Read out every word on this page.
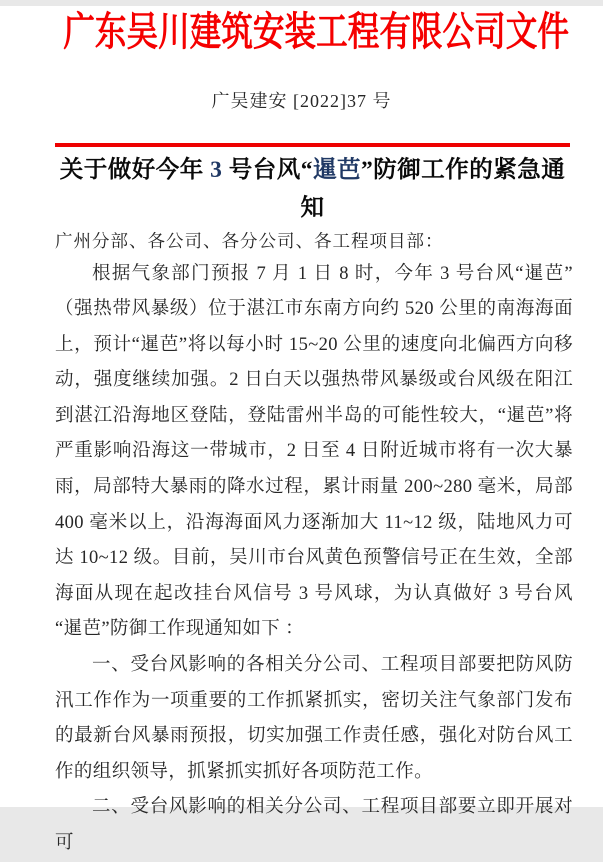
广东吴川建筑安装工程有限公司文件
广吴建安 [2022]37 号
关于做好今年 3 号台风“暹芭”防御工作的紧急通知
广州分部、各公司、各分公司、各工程项目部：

根据气象部门预报 7 月 1 日 8 时，今年 3 号台风“暹芭”（强热带风暴级）位于湛江市东南方向约 520 公里的南海海面上，预计“暹芭”将以每小时 15~20 公里的速度向北偏西方向移动，强度继续加强。2 日白天以强热带风暴级或台风级在阳江到湛江沿海地区登陆，登陆雷州半岛的可能性较大，“暹芭”将严重影响沿海这一带城市，2 日至 4 日附近城市将有一次大暴雨，局部特大暴雨的降水过程，累计雨量 200~280 毫米，局部 400 毫米以上，沿海海面风力逐渐加大 11~12 级，陆地风力可达 10~12 级。目前，吴川市台风黄色预警信号正在生效，全部海面从现在起改挂台风信号 3 号风球，为认真做好 3 号台风“暹芭”防御工作现通知如下 ：

一、受台风影响的各相关分公司、工程项目部要把防风防汛工作作为一项重要的工作抓紧抓实，密切关注气象部门发布的最新台风暴雨预报，切实加强工作责任感，强化对防台风工作的组织领导，抓紧抓实抓好各项防范工作。

二、受台风影响的相关分公司、工程项目部要立即开展对可
